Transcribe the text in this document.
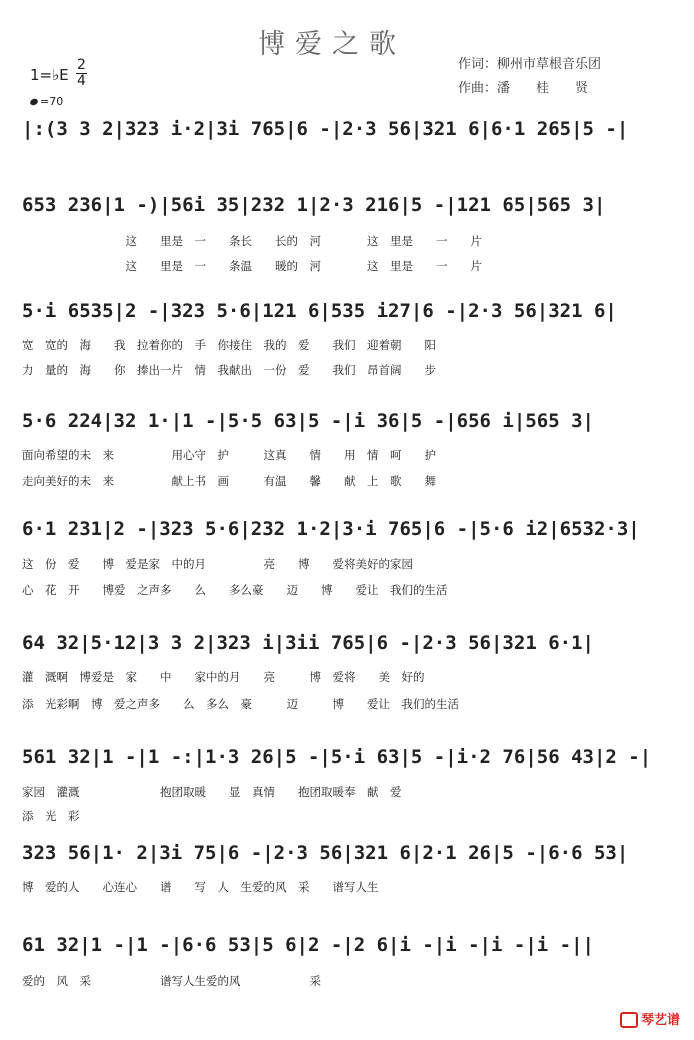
博爱之歌
作词：柳州市草根音乐团
作曲：潘　　桂　　贤
1=♭E $\frac{2}{4}$
=70
|:(3 3 2|323 i·2|3i 765|6 -|2·3 56|321 6|6·1 265|5 -|
653 236|1 -)|56i 35|232 1|2·3 216|5 -|121 65|565 3|
　　　　　　　　　这　　里是　一　　条长　　长的　河　　　　这　里是　　一　　片
　　　　　　　　　这　　里是　一　　条温　　暖的　河　　　　这　里是　　一　　片
5·i 6535|2 -|323 5·6|121 6|535 i27|6 -|2·3 56|321 6|
宽　宽的　海　　我　拉着你的　手　你接住　我的　爱　　我们　迎着朝　　阳
力　量的　海　　你　捧出一片　情　我献出　一份　爱　　我们　昂首阔　　步
5·6 224|32 1·|1 -|5·5 63|5 -|i 36|5 -|656 i|565 3|
面向希望的未　来　　　　　用心守　护　　　这真　　情　　用　情　呵　　护
走向美好的未　来　　　　　献上书　画　　　有温　　馨　　献　上　歌　　舞
6·1 231|2 -|323 5·6|232 1·2|3·i 765|6 -|5·6 i2|6532·3|
这　份　爱　　博　爱是家　中的月　　　　　亮　　博　　爱将美好的家园
心　花　开　　博爱　之声多　　么　　多么豪　　迈　　博　　爱让　我们的生活
64 32|5·12|3 3 2|323 i|3ii 765|6 -|2·3 56|321 6·1|
灌　溉啊　博爱是　家　　中　　家中的月　　亮　　　博　爱将　　美　好的
添　光彩啊　博　爱之声多　　么　多么　豪　　　迈　　　博　　爱让　我们的生活
561 32|1 -|1 -:|1·3 26|5 -|5·i 63|5 -|i·2 76|56 43|2 -|
家园　灌溉　　　　　　　抱团取暖　　显　真情　　抱团取暖奉　献　爱
添　光　彩
323 56|1· 2|3i 75|6 -|2·3 56|321 6|2·1 26|5 -|6·6 53|
博　爱的人　　心连心　　谱　　写　人　生爱的风　采　　谱写人生
61 32|1 -|1 -|6·6 53|5 6|2 -|2 6|i -|i -|i -|i -||
爱的　风　采　　　　　　谱写人生爱的风　　　　　　采
琴艺谱
